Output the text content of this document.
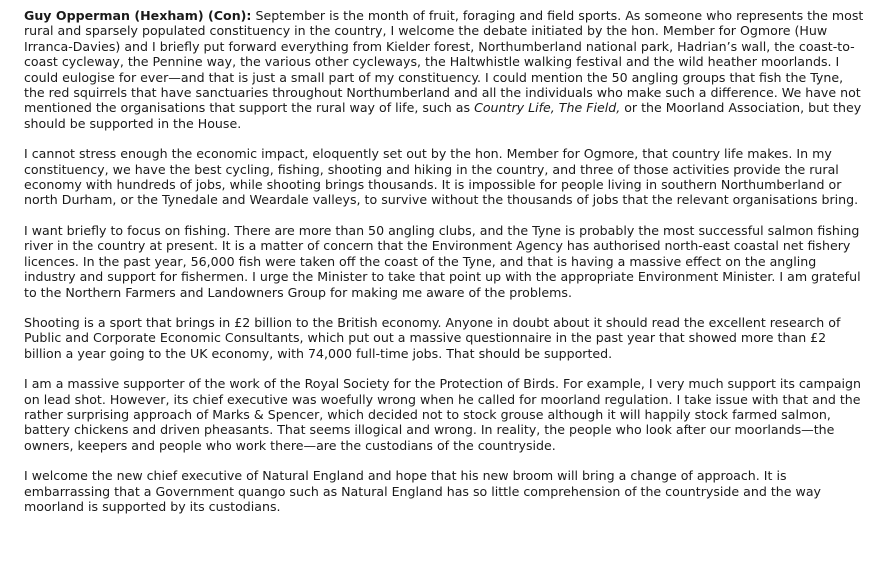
Guy Opperman (Hexham) (Con): September is the month of fruit, foraging and field sports. As someone who represents the most rural and sparsely populated constituency in the country, I welcome the debate initiated by the hon. Member for Ogmore (Huw Irranca-Davies) and I briefly put forward everything from Kielder forest, Northumberland national park, Hadrian’s wall, the coast-to-coast cycleway, the Pennine way, the various other cycleways, the Haltwhistle walking festival and the wild heather moorlands. I could eulogise for ever—and that is just a small part of my constituency. I could mention the 50 angling groups that fish the Tyne, the red squirrels that have sanctuaries throughout Northumberland and all the individuals who make such a difference. We have not mentioned the organisations that support the rural way of life, such as Country Life, The Field, or the Moorland Association, but they should be supported in the House.

I cannot stress enough the economic impact, eloquently set out by the hon. Member for Ogmore, that country life makes. In my constituency, we have the best cycling, fishing, shooting and hiking in the country, and three of those activities provide the rural economy with hundreds of jobs, while shooting brings thousands. It is impossible for people living in southern Northumberland or north Durham, or the Tynedale and Weardale valleys, to survive without the thousands of jobs that the relevant organisations bring.

I want briefly to focus on fishing. There are more than 50 angling clubs, and the Tyne is probably the most successful salmon fishing river in the country at present. It is a matter of concern that the Environment Agency has authorised north-east coastal net fishery licences. In the past year, 56,000 fish were taken off the coast of the Tyne, and that is having a massive effect on the angling industry and support for fishermen. I urge the Minister to take that point up with the appropriate Environment Minister. I am grateful to the Northern Farmers and Landowners Group for making me aware of the problems.

Shooting is a sport that brings in £2 billion to the British economy. Anyone in doubt about it should read the excellent research of Public and Corporate Economic Consultants, which put out a massive questionnaire in the past year that showed more than £2 billion a year going to the UK economy, with 74,000 full-time jobs. That should be supported.

I am a massive supporter of the work of the Royal Society for the Protection of Birds. For example, I very much support its campaign on lead shot. However, its chief executive was woefully wrong when he called for moorland regulation. I take issue with that and the rather surprising approach of Marks & Spencer, which decided not to stock grouse although it will happily stock farmed salmon, battery chickens and driven pheasants. That seems illogical and wrong. In reality, the people who look after our moorlands—the owners, keepers and people who work there—are the custodians of the countryside.

I welcome the new chief executive of Natural England and hope that his new broom will bring a change of approach. It is embarrassing that a Government quango such as Natural England has so little comprehension of the countryside and the way moorland is supported by its custodians.
